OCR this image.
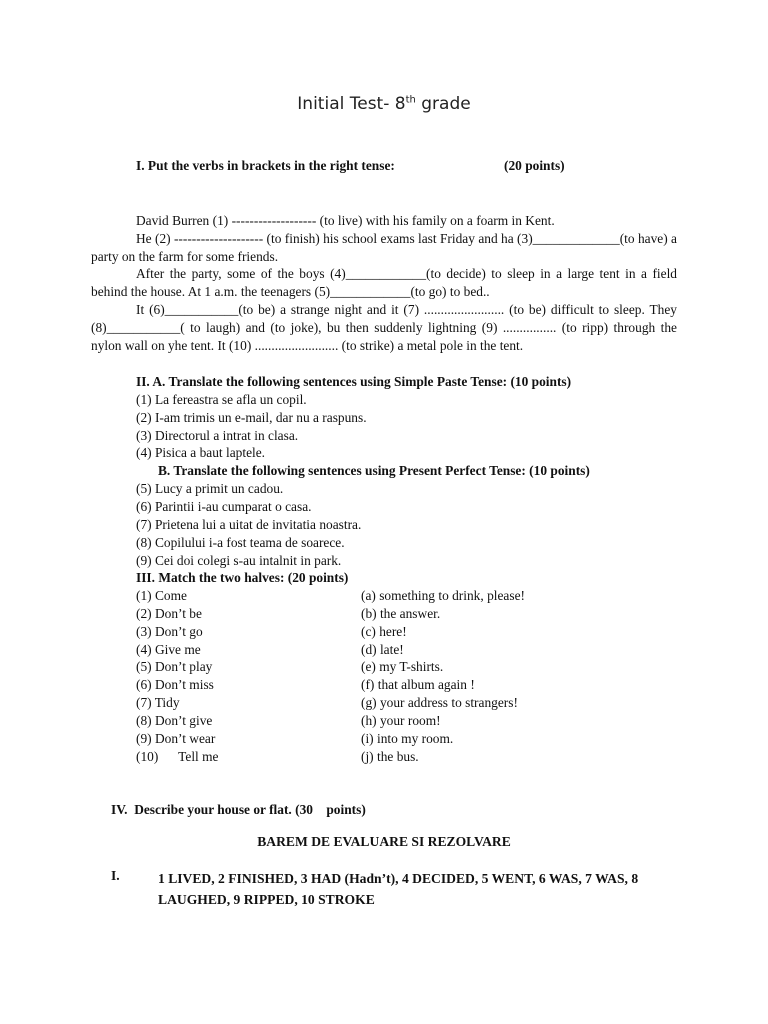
Initial Test- 8th grade
I. Put the verbs in brackets in the right tense:	(20 points)

David Burren (1) ------------------- (to live) with his family on a foarm in Kent.

He (2) -------------------- (to finish) his school exams last Friday and ha (3)_____________(to have) a party on the farm for some friends.

After the party, some of the boys (4)____________(to decide) to sleep in a large tent in a field behind the house. At 1 a.m. the teenagers (5)____________(to go) to bed..

It (6)___________(to be) a strange night and it (7) ........................ (to be) difficult to sleep. They (8)___________( to laugh) and (to joke), bu then suddenly lightning (9) ................ (to ripp) through the nylon wall on yhe tent. It (10) ......................... (to strike) a metal pole in the tent.

II. A. Translate the following sentences using Simple Paste Tense: (10 points)
(1) La fereastra se afla un copil.
(2) I-am trimis un e-mail, dar nu a raspuns.
(3) Directorul a intrat in clasa.
(4) Pisica a baut laptele.
B. Translate the following sentences using Present Perfect Tense: (10 points)
(5) Lucy a primit un cadou.
(6) Parintii i-au cumparat o casa.
(7) Prietena lui a uitat de invitatia noastra.
(8) Copilului i-a fost teama de soarece.
(9) Cei doi colegi s-au intalnit in park.
III. Match the two halves: (20 points)
(1) Come	(a) something to drink, please!
(2) Don’t be	(b) the answer.
(3) Don’t go	(c) here!
(4) Give me	(d) late!
(5) Don’t play	(e) my T-shirts.
(6) Don’t miss	(f) that album again !
(7) Tidy	(g) your address to strangers!
(8) Don’t give	(h) your room!
(9) Don’t wear	(i) into my room.
(10)      Tell me	(j) the bus.
IV.  Describe your house or flat. (30    points)
BAREM DE EVALUARE SI REZOLVARE
I.	1 LIVED, 2 FINISHED, 3 HAD (Hadn’t), 4 DECIDED, 5 WENT, 6 WAS, 7 WAS, 8 LAUGHED, 9 RIPPED, 10 STROKE
